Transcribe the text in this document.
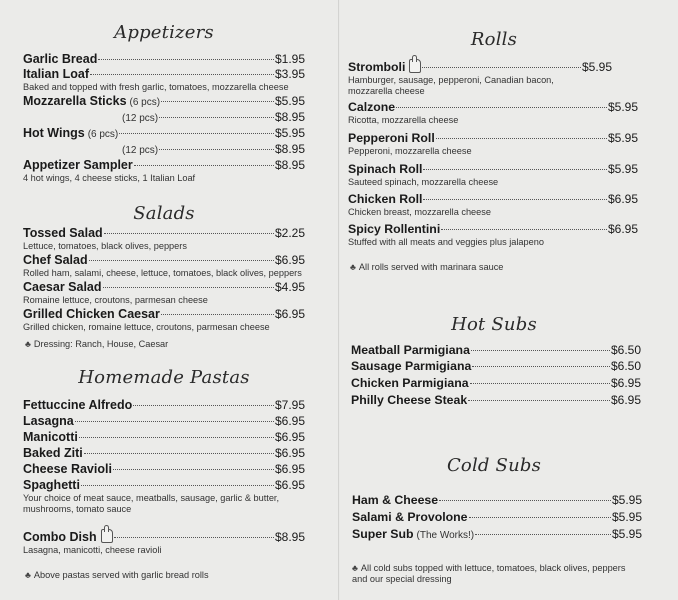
Appetizers
Garlic Bread	$1.95
Italian Loaf	$3.95
Baked and topped with fresh garlic, tomatoes, mozzarella cheese
Mozzarella Sticks (6 pcs)	$5.95
(12 pcs)	$8.95
Hot Wings (6 pcs)	$5.95
(12 pcs)	$8.95
Appetizer Sampler	$8.95
4 hot wings, 4 cheese sticks, 1 Italian Loaf
Salads
Tossed Salad	$2.25
Lettuce, tomatoes, black olives, peppers
Chef Salad	$6.95
Rolled ham, salami, cheese, lettuce, tomatoes, black olives, peppers
Caesar Salad	$4.95
Romaine lettuce, croutons, parmesan cheese
Grilled Chicken Caesar	$6.95
Grilled chicken, romaine lettuce, croutons, parmesan cheese
♣ Dressing: Ranch, House, Caesar
Homemade Pastas
Fettuccine Alfredo	$7.95
Lasagna	$6.95
Manicotti	$6.95
Baked Ziti	$6.95
Cheese Ravioli	$6.95
Spaghetti	$6.95
Your choice of meat sauce, meatballs, sausage, garlic & butter, mushrooms, tomato sauce
Combo Dish	$8.95
Lasagna, manicotti, cheese ravioli
♣ Above pastas served with garlic bread rolls
Rolls
Stromboli	$5.95
Hamburger, sausage, pepperoni, Canadian bacon, mozzarella cheese
Calzone	$5.95
Ricotta, mozzarella cheese
Pepperoni Roll	$5.95
Pepperoni, mozzarella cheese
Spinach Roll	$5.95
Sauteed spinach, mozzarella cheese
Chicken Roll	$6.95
Chicken breast, mozzarella cheese
Spicy Rollentini	$6.95
Stuffed with all meats and veggies plus jalapeno
♣ All rolls served with marinara sauce
Hot Subs
Meatball Parmigiana	$6.50
Sausage Parmigiana	$6.50
Chicken Parmigiana	$6.95
Philly Cheese Steak	$6.95
Cold Subs
Ham & Cheese	$5.95
Salami & Provolone	$5.95
Super Sub (The Works!)	$5.95
♣ All cold subs topped with lettuce, tomatoes, black olives, peppers and our special dressing
